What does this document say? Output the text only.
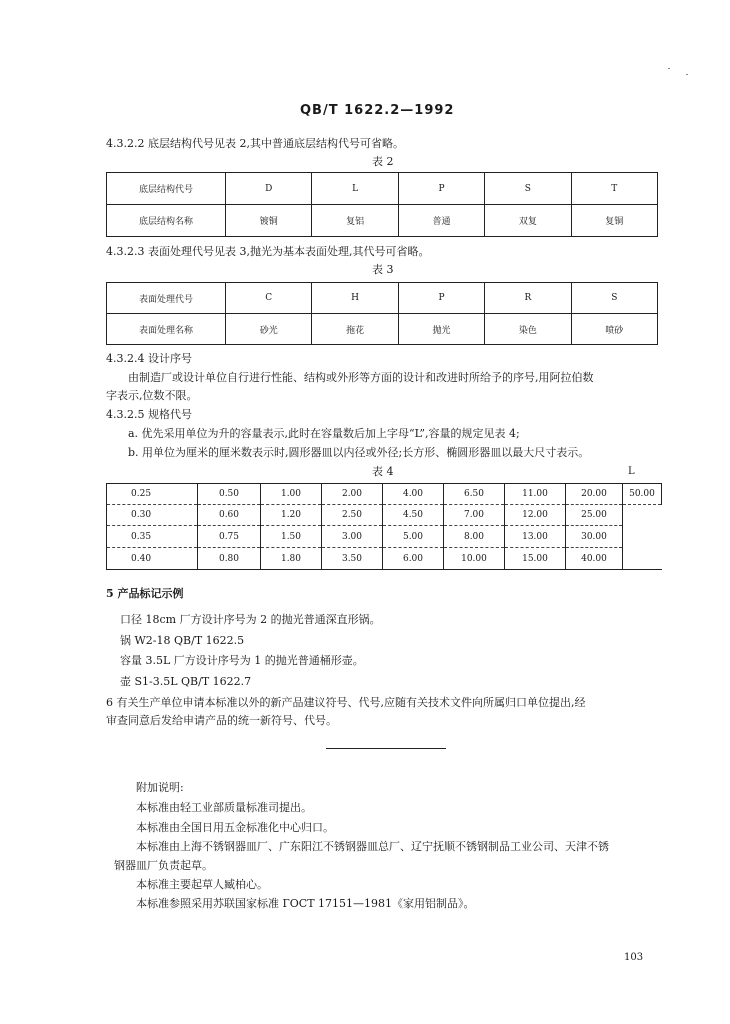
QB/T 1622.2—1992
4.3.2.2 底层结构代号见表 2,其中普通底层结构代号可省略。
表 2
底层结构代号	D	L	P	S	T
底层结构名称	镀铜	复铝	普通	双复	复铜
4.3.2.3 表面处理代号见表 3,抛光为基本表面处理,其代号可省略。
表 3
表面处理代号	C	H	P	R	S
表面处理名称	砂光	拖花	抛光	染色	喷砂
4.3.2.4 设计序号
由制造厂或设计单位自行进行性能、结构或外形等方面的设计和改进时所给予的序号,用阿拉伯数
字表示,位数不限。
4.3.2.5 规格代号
a. 优先采用单位为升的容量表示,此时在容量数后加上字母“L”,容量的规定见表 4;
b. 用单位为厘米的厘米数表示时,圆形器皿以内径或外径;长方形、椭圆形器皿以最大尺寸表示。
表 4	L
0.25	0.50	1.00	2.00	4.00	6.50	11.00	20.00	50.00
0.30	0.60	1.20	2.50	4.50	7.00	12.00	25.00	
0.35	0.75	1.50	3.00	5.00	8.00	13.00	30.00	
0.40	0.80	1.80	3.50	6.00	10.00	15.00	40.00	
5 产品标记示例
口径 18cm 厂方设计序号为 2 的抛光普通深直形锅。
锅 W2-18 QB/T 1622.5
容量 3.5L 厂方设计序号为 1 的抛光普通桶形壶。
壶 S1-3.5L QB/T 1622.7
6 有关生产单位申请本标准以外的新产品建议符号、代号,应随有关技术文件向所属归口单位提出,经
审查同意后发给申请产品的统一新符号、代号。
附加说明:
本标准由轻工业部质量标准司提出。
本标准由全国日用五金标准化中心归口。
本标准由上海不锈钢器皿厂、广东阳江不锈钢器皿总厂、辽宁抚顺不锈钢制品工业公司、天津不锈
钢器皿厂负责起草。
本标准主要起草人臧柏心。
本标准参照采用苏联国家标准 ГОСТ 17151—1981《家用铝制品》。
103
